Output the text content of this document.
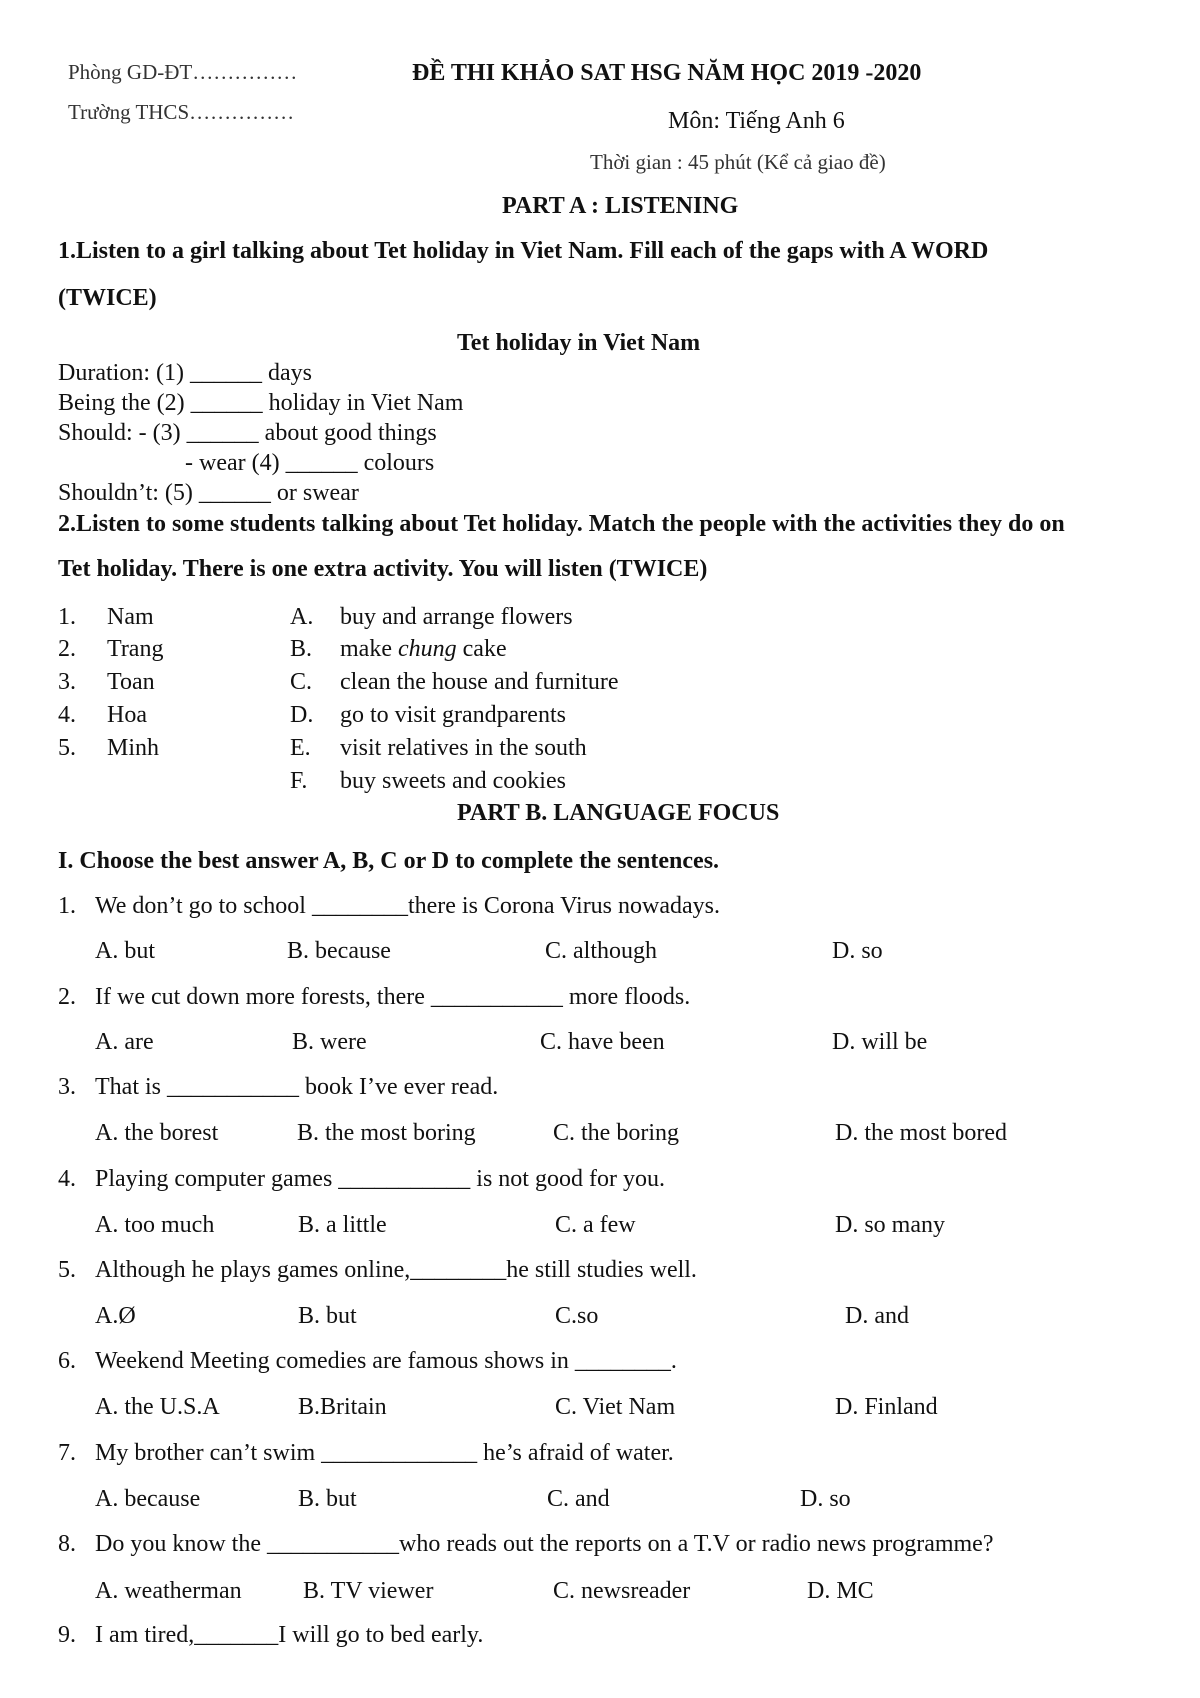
Phòng GD-ĐT……………
Trường THCS……………
ĐỀ THI KHẢO SAT HSG NĂM HỌC 2019 -2020
Môn: Tiếng Anh 6
Thời gian : 45 phút (Kể cả giao đề)
PART A : LISTENING
1.Listen to a girl talking about Tet holiday in Viet Nam. Fill each of the gaps with A WORD
(TWICE)
Tet holiday in Viet Nam
Duration: (1) ______ days
Being the (2) ______ holiday in Viet Nam
Should: - (3) ______ about good things
- wear (4) ______ colours
Shouldn’t: (5) ______ or swear
2.Listen to some students talking about Tet holiday. Match the people with the activities they do on
Tet holiday. There is one extra activity. You will listen (TWICE)
1. Nam	A. buy and arrange flowers
2. Trang	B. make chung cake
3. Toan	C. clean the house and furniture
4. Hoa	D. go to visit grandparents
5. Minh	E. visit relatives in the south
F. buy sweets and cookies
PART B. LANGUAGE FOCUS
I. Choose the best answer A, B, C or D to complete the sentences.
1. We don’t go to school ________there is Corona Virus nowadays.
A. but	B. because	C. although	D. so
2. If we cut down more forests, there ___________ more floods.
A. are	B. were	C. have been	D. will be
3. That is ___________ book I’ve ever read.
A. the borest	B. the most boring	C. the boring	D. the most bored
4. Playing computer games ___________ is not good for you.
A. too much	B. a little	C. a few	D. so many
5. Although he plays games online,________he still studies well.
A.Ø	B. but	C.so	D. and
6. Weekend Meeting comedies are famous shows in ________.
A. the U.S.A	B.Britain	C. Viet Nam	D. Finland
7. My brother can’t swim _____________ he’s afraid of water.
A. because	B. but	C. and	D. so
8. Do you know the ___________who reads out the reports on a T.V or radio news programme?
A. weatherman	B. TV viewer	C. newsreader	D. MC
9. I am tired,_______I will go to bed early.
